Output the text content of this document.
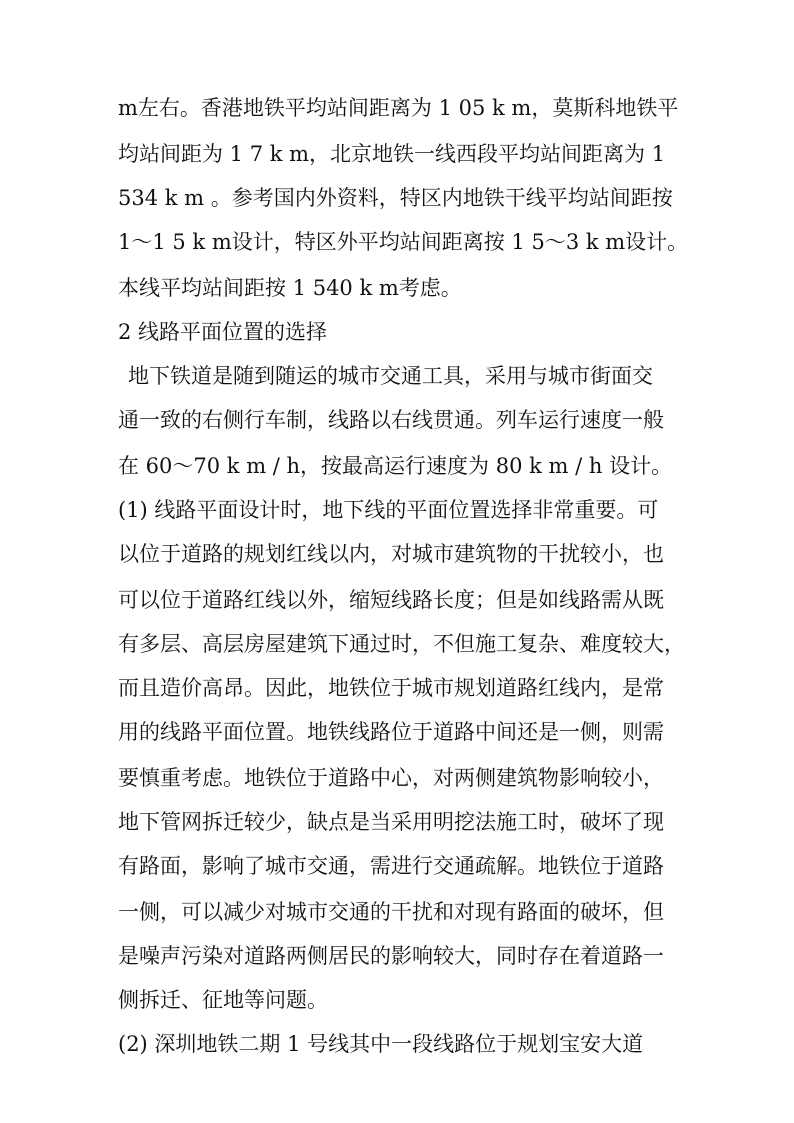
m左右。香港地铁平均站间距离为 1 05 k m，莫斯科地铁平

均站间距为 1 7 k m，北京地铁一线西段平均站间距离为 1

534 k m 。参考国内外资料，特区内地铁干线平均站间距按

1～1 5 k m设计，特区外平均站间距离按 1 5～3 k m设计。

本线平均站间距按 1 540 k m考虑。

2 线路平面位置的选择

地下铁道是随到随运的城市交通工具，采用与城市街面交

通一致的右侧行车制，线路以右线贯通。列车运行速度一般

在 60～70 k m / h，按最高运行速度为 80 k m / h 设计。

(1) 线路平面设计时，地下线的平面位置选择非常重要。可

以位于道路的规划红线以内，对城市建筑物的干扰较小，也

可以位于道路红线以外，缩短线路长度；但是如线路需从既

有多层、高层房屋建筑下通过时，不但施工复杂、难度较大，

而且造价高昂。因此，地铁位于城市规划道路红线内，是常

用的线路平面位置。地铁线路位于道路中间还是一侧，则需

要慎重考虑。地铁位于道路中心，对两侧建筑物影响较小，

地下管网拆迁较少，缺点是当采用明挖法施工时，破坏了现

有路面，影响了城市交通，需进行交通疏解。地铁位于道路

一侧，可以减少对城市交通的干扰和对现有路面的破坏，但

是噪声污染对道路两侧居民的影响较大，同时存在着道路一

侧拆迁、征地等问题。

(2) 深圳地铁二期 1 号线其中一段线路位于规划宝安大道
